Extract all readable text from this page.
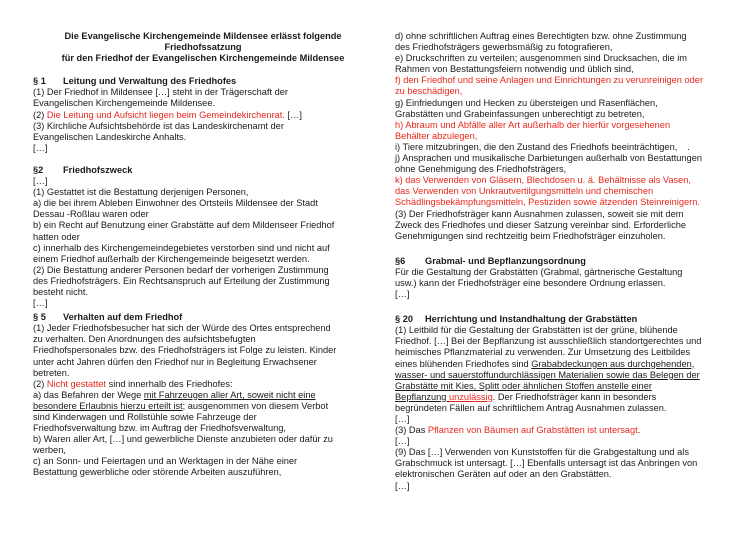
Die Evangelische Kirchengemeinde Mildensee erlässt folgende
Friedhofssatzung
für den Friedhof der Evangelischen Kirchengemeinde Mildensee
§ 1 Leitung und Verwaltung des Friedhofes
(1) Der Friedhof in Mildensee […] steht in der Trägerschaft der
Evangelischen Kirchengemeinde Mildensee.
(2) Die Leitung und Aufsicht liegen beim Gemeindekirchenrat. […]
(3) Kirchliche Aufsichtsbehörde ist das Landeskirchenamt der
Evangelischen Landeskirche Anhalts.
[…]
§2 Friedhofszweck
[…]
(1) Gestattet ist die Bestattung derjenigen Personen,
a) die bei ihrem Ableben Einwohner des Ortsteils Mildensee der Stadt
Dessau -Roßlau waren oder
b) ein Recht auf Benutzung einer Grabstätte auf dem Mildenseer Friedhof
hatten oder
c) innerhalb des Kirchengemeindegebietes verstorben sind und nicht auf
einem Friedhof außerhalb der Kirchengemeinde beigesetzt werden.
(2) Die Bestattung anderer Personen bedarf der vorherigen Zustimmung
des Friedhofsträgers. Ein Rechtsanspruch auf Erteilung der Zustimmung
besteht nicht.
[…]
§ 5 Verhalten auf dem Friedhof
(1) Jeder Friedhofsbesucher hat sich der Würde des Ortes entsprechend
zu verhalten. Den Anordnungen des aufsichtsbefugten
Friedhofspersonales bzw. des Friedhofsträgers ist Folge zu leisten. Kinder
unter acht Jahren dürfen den Friedhof nur in Begleitung Erwachsener
betreten.
(2) Nicht gestattet sind innerhalb des Friedhofes:
a) das Befahren der Wege mit Fahrzeugen aller Art, soweit nicht eine
besondere Erlaubnis hierzu erteilt ist; ausgenommen von diesem Verbot
sind Kinderwagen und Rollstühle sowie Fahrzeuge der
Friedhofsverwaltung bzw. im Auftrag der Friedhofsverwaltung,
b) Waren aller Art, […] und gewerbliche Dienste anzubieten oder dafür zu
werben,
c) an Sonn- und Feiertagen und an Werktagen in der Nähe einer
Bestattung gewerbliche oder störende Arbeiten auszuführen,
d) ohne schriftlichen Auftrag eines Berechtigten bzw. ohne Zustimmung
des Friedhofsträgers gewerbsmäßig zu fotografieren,
e) Druckschriften zu verteilen; ausgenommen sind Drucksachen, die im
Rahmen von Bestattungsfeiern notwendig und üblich sind,
f) den Friedhof und seine Anlagen und Einrichtungen zu verunreinigen oder
zu beschädigen,
g) Einfriedungen und Hecken zu übersteigen und Rasenflächen,
Grabstätten und Grabeinfassungen unberechtigt zu betreten,
h) Abraum und Abfälle aller Art außerhalb der hierfür vorgesehenen
Behälter abzulegen,
i) Tiere mitzubringen, die den Zustand des Friedhofs beeinträchtigen, .
j) Ansprachen und musikalische Darbietungen außerhalb von Bestattungen
ohne Genehmigung des Friedhofsträgers,
k) das Verwenden von Gläsern, Blechdosen u. ä. Behältnisse als Vasen,
das Verwenden von Unkrautvertilgungsmitteln und chemischen
Schädlingsbekämpfungsmitteln, Pestiziden sowie ätzenden Steinreinigern.
(3) Der Friedhofsträger kann Ausnahmen zulassen, soweit sie mit dem
Zweck des Friedhofes und dieser Satzung vereinbar sind. Erforderliche
Genehmigungen sind rechtzeitig beim Friedhofsträger einzuholen.
§6 Grabmal- und Bepflanzungsordnung
Für die Gestaltung der Grabstätten (Grabmal, gärtnerische Gestaltung
usw.) kann der Friedhofsträger eine besondere Ordnung erlassen.
[…]
§ 20 Herrichtung und Instandhaltung der Grabstätten
(1) Leitbild für die Gestaltung der Grabstätten ist der grüne, blühende
Friedhof. […] Bei der Bepflanzung ist ausschließlich standortgerechtes und
heimisches Pflanzmaterial zu verwenden. Zur Umsetzung des Leitbildes
eines blühenden Friedhofes sind Grababdeckungen aus durchgehenden,
wasser- und sauerstoffundurchlässigen Materialien sowie das Belegen der
Grabstätte mit Kies, Splitt oder ähnlichen Stoffen anstelle einer
Bepflanzung unzulässig. Der Friedhofsträger kann in besonders
begründeten Fällen auf schriftlichem Antrag Ausnahmen zulassen.
[…]
(3) Das Pflanzen von Bäumen auf Grabstätten ist untersagt.
[…]
(9) Das […] Verwenden von Kunststoffen für die Grabgestaltung und als
Grabschmuck ist untersagt. […] Ebenfalls untersagt ist das Anbringen von
elektronischen Geräten auf oder an den Grabstätten.
[…]
